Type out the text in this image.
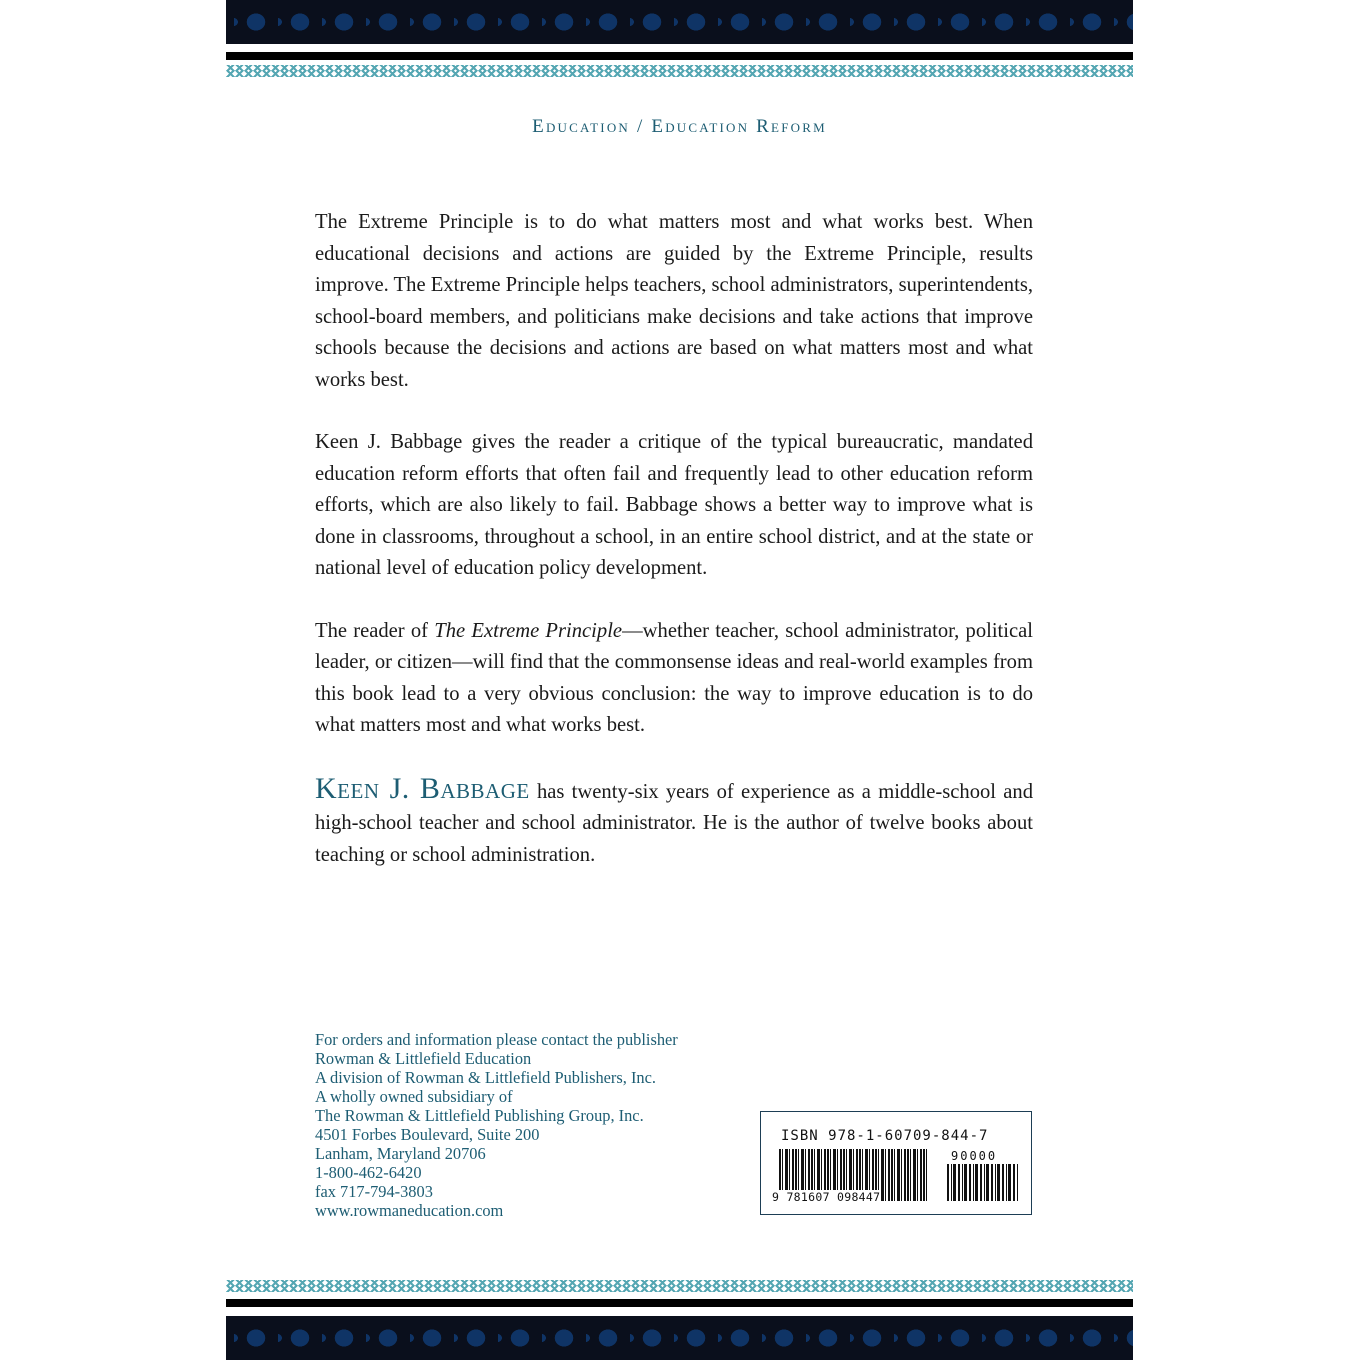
Education / Education Reform

The Extreme Principle is to do what matters most and what works best. When educational decisions and actions are guided by the Extreme Principle, results improve. The Extreme Principle helps teachers, school administrators, superintendents, school-board members, and politicians make decisions and take actions that improve schools because the decisions and actions are based on what matters most and what works best.

Keen J. Babbage gives the reader a critique of the typical bureaucratic, mandated education reform efforts that often fail and frequently lead to other education reform efforts, which are also likely to fail. Babbage shows a better way to improve what is done in classrooms, throughout a school, in an entire school district, and at the state or national level of education policy development.

The reader of The Extreme Principle—whether teacher, school administrator, political leader, or citizen—will find that the commonsense ideas and real-world examples from this book lead to a very obvious conclusion: the way to improve education is to do what matters most and what works best.

Keen J. Babbage has twenty-six years of experience as a middle-school and high-school teacher and school administrator. He is the author of twelve books about teaching or school administration.

For orders and information please contact the publisher
Rowman & Littlefield Education
A division of Rowman & Littlefield Publishers, Inc.
A wholly owned subsidiary of
The Rowman & Littlefield Publishing Group, Inc.
4501 Forbes Boulevard, Suite 200
Lanham, Maryland 20706
1-800-462-6420
fax 717-794-3803
www.rowmaneducation.com
ISBN 978-1-60709-844-7
90000
9 781607 098447
